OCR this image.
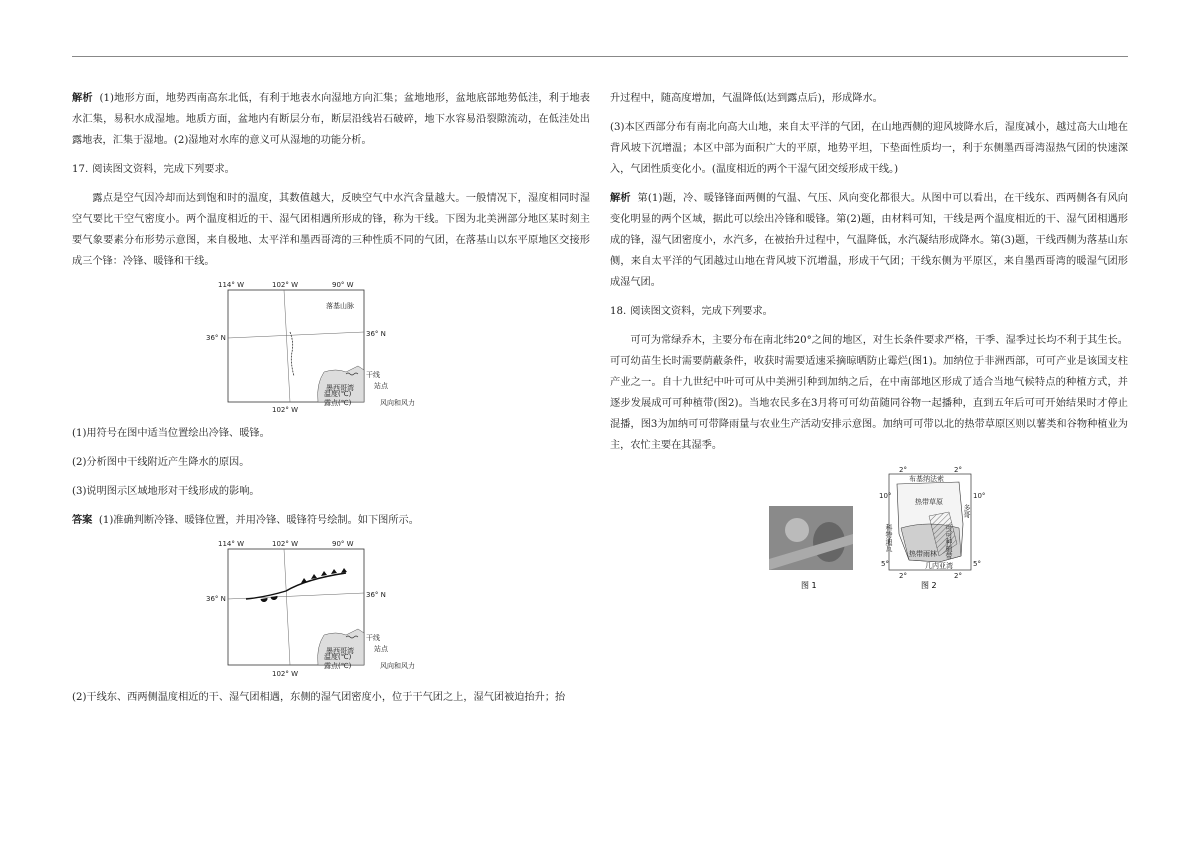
解析 (1)地形方面，地势西南高东北低，有利于地表水向湿地方向汇集；盆地地形，盆地底部地势低洼，利于地表水汇集，易积水成湿地。地质方面，盆地内有断层分布，断层沿线岩石破碎，地下水容易沿裂隙流动，在低洼处出露地表，汇集于湿地。(2)湿地对水库的意义可从湿地的功能分析。

17. 阅读图文资料，完成下列要求。

露点是空气因冷却而达到饱和时的温度，其数值越大，反映空气中水汽含量越大。一般情况下，湿度相同时湿空气要比干空气密度小。两个温度相近的干、湿气团相遇所形成的锋，称为干线。下图为北美洲部分地区某时刻主要气象要素分布形势示意图，来自极地、太平洋和墨西哥湾的三种性质不同的气团，在落基山以东平原地区交接形成三个锋：冷锋、暖锋和干线。

114° W	102° W	90° W
36° N	36° N
102° W
墨西哥湾
落基山脉
干线
站点
温度(℃)
露点(℃)	风向和风力

(1)用符号在图中适当位置绘出冷锋、暖锋。

(2)分析图中干线附近产生降水的原因。

(3)说明图示区域地形对干线形成的影响。

答案 (1)准确判断冷锋、暖锋位置，并用冷锋、暖锋符号绘制。如下图所示。

114° W	102° W	90° W
36° N	36° N
102° W
墨西哥湾
干线
站点
温度(℃)
露点(℃)	风向和风力

(2)干线东、西两侧温度相近的干、湿气团相遇，东侧的湿气团密度小，位于干气团之上，湿气团被迫抬升；抬

升过程中，随高度增加，气温降低(达到露点后)，形成降水。

(3)本区西部分布有南北向高大山地，来自太平洋的气团，在山地西侧的迎风坡降水后，湿度减小，越过高大山地在背风坡下沉增温；本区中部为面积广大的平原，地势平坦，下垫面性质均一，利于东侧墨西哥湾湿热气团的快速深入，气团性质变化小。(温度相近的两个干湿气团交绥形成干线。)

解析 第(1)题，冷、暖锋锋面两侧的气温、气压、风向变化都很大。从图中可以看出，在干线东、西两侧各有风向变化明显的两个区域，据此可以绘出冷锋和暖锋。第(2)题，由材料可知，干线是两个温度相近的干、湿气团相遇形成的锋，湿气团密度小，水汽多，在被抬升过程中，气温降低，水汽凝结形成降水。第(3)题，干线西侧为落基山东侧，来自太平洋的气团越过山地在背风坡下沉增温，形成干气团；干线东侧为平原区，来自墨西哥湾的暖湿气团形成湿气团。

18. 阅读图文资料，完成下列要求。

可可为常绿乔木，主要分布在南北纬20°之间的地区，对生长条件要求严格，干季、湿季过长均不利于其生长。可可幼苗生长时需要荫蔽条件，收获时需要适速采摘晾晒防止霉烂(图1)。加纳位于非洲西部，可可产业是该国支柱产业之一。自十九世纪中叶可可从中美洲引种到加纳之后，在中南部地区形成了适合当地气候特点的种植方式，并逐步发展成可可种植带(图2)。当地农民多在3月将可可幼苗随同谷物一起播种，直到五年后可可开始结果时才停止混播，图3为加纳可可带降雨量与农业生产活动安排示意图。加纳可可带以北的热带草原区则以薯类和谷物种植业为主，农忙主要在其湿季。

图 1
布基纳法索
热带草原
热带雨林
科特迪瓦
多哥
几内亚湾
可可种植带
2°	2°
10°	10°
5°	5°
2°	2°
图 2
